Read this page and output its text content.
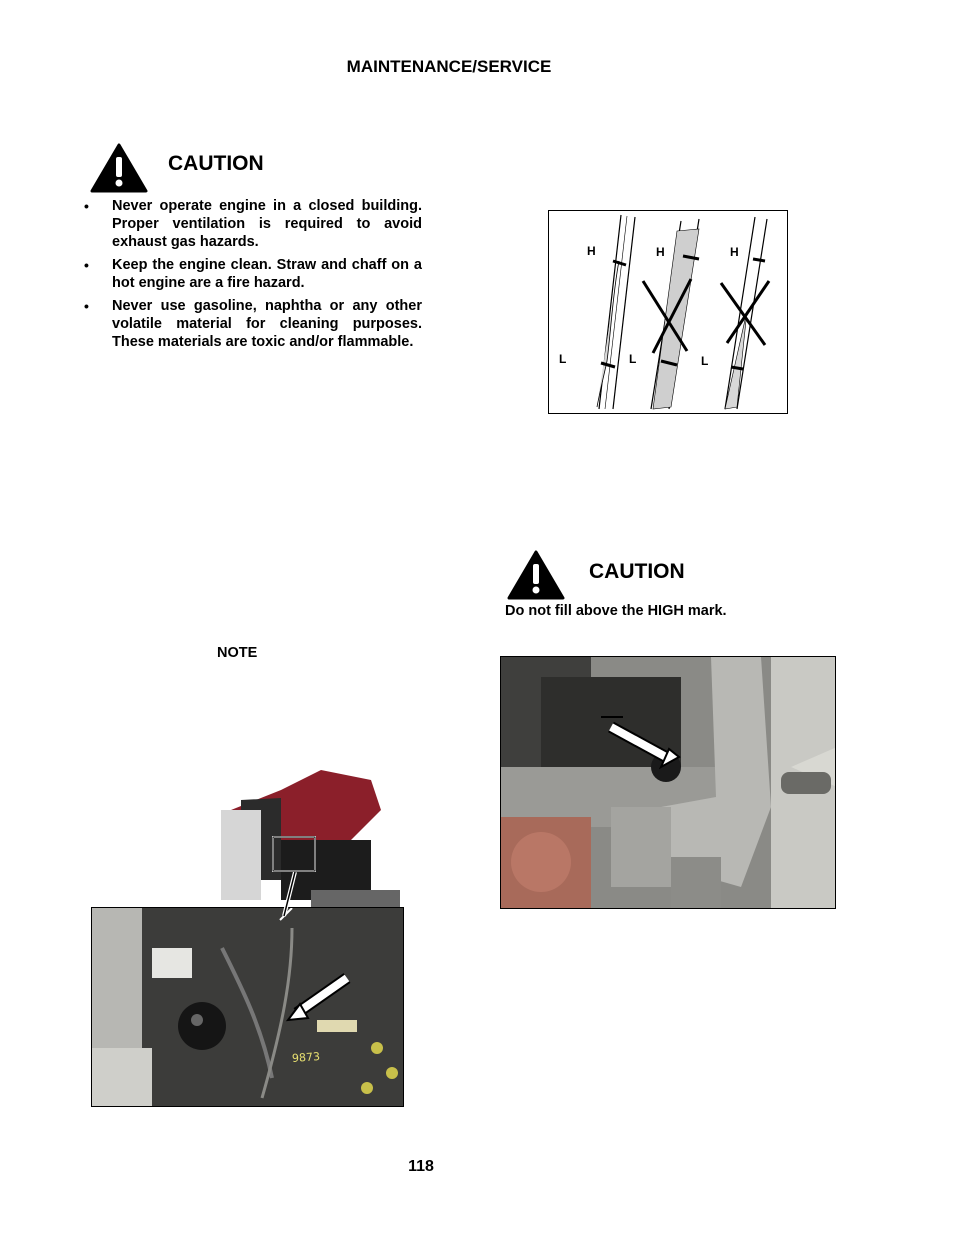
MAINTENANCE/SERVICE
CAUTION
• Never operate engine in a closed building. Proper ventilation is required to avoid exhaust gas hazards.
• Keep the engine clean. Straw and chaff on a hot engine are a fire hazard.
• Never use gasoline, naphtha or any other volatile material for cleaning purposes. These materials are toxic and/or flammable.
H
L
H
L
H
L
CAUTION
Do not fill above the HIGH mark.
NOTE
9873
118
